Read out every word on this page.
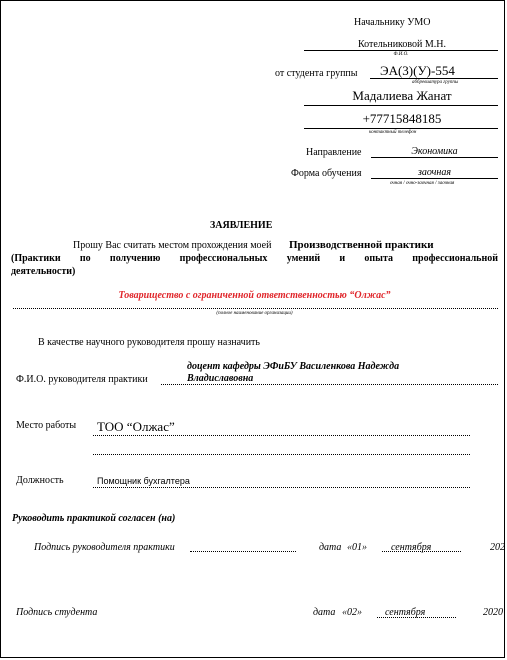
Начальнику УМО
Котельниковой М.Н.
Ф.И.О.
от студента группы ЭА(3)(У)-554
аббревиатура группы
Мадалиева Жанат
+77715848185
контактный телефон
Направление	Экономика
Форма обучения	заочная
очная / очно-заочная / заочная
ЗАЯВЛЕНИЕ
Прошу Вас считать местом прохождения моей Производственной практики
(Практики по получению профессиональных умений и опыта профессиональной
деятельности)
Товарищество с ограниченной ответственностью “Олжас”
(полное наименование организации)
В качестве научного руководителя прошу назначить
Ф.И.О. руководителя практики
доцент кафедры ЭФиБУ Василенкова Надежда
Владиславовна
Место работы ТОО “Олжас”
Должность	Помощник бухгалтера
Руководить практикой согласен (на)
Подпись руководителя практики	дата «01» сентября	202
Подпись студента	дата «02» сентября	2020
